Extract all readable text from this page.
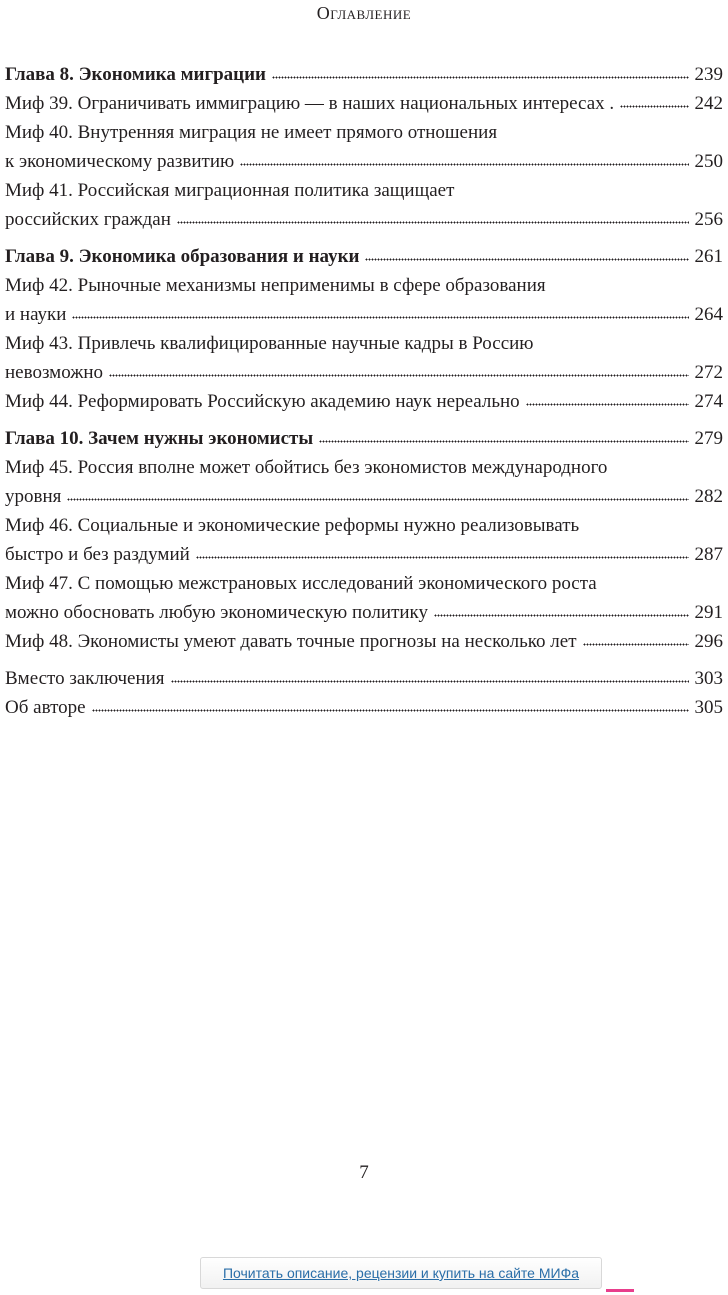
Оглавление
Глава 8. Экономика миграции	239
Миф 39. Ограничивать иммиграцию — в наших национальных интересах .	242
Миф 40. Внутренняя миграция не имеет прямого отношения
к экономическому развитию	250
Миф 41. Российская миграционная политика защищает
российских граждан	256
Глава 9. Экономика образования и науки	261
Миф 42. Рыночные механизмы неприменимы в сфере образования
и науки	264
Миф 43. Привлечь квалифицированные научные кадры в Россию
невозможно	272
Миф 44. Реформировать Российскую академию наук нереально	274
Глава 10. Зачем нужны экономисты	279
Миф 45. Россия вполне может обойтись без экономистов международного
уровня	282
Миф 46. Социальные и экономические реформы нужно реализовывать
быстро и без раздумий	287
Миф 47. С помощью межстрановых исследований экономического роста
можно обосновать любую экономическую политику	291
Миф 48. Экономисты умеют давать точные прогнозы на несколько лет	296
Вместо заключения	303
Об авторе	305
7
Почитать описание, рецензии и купить на сайте МИФа
